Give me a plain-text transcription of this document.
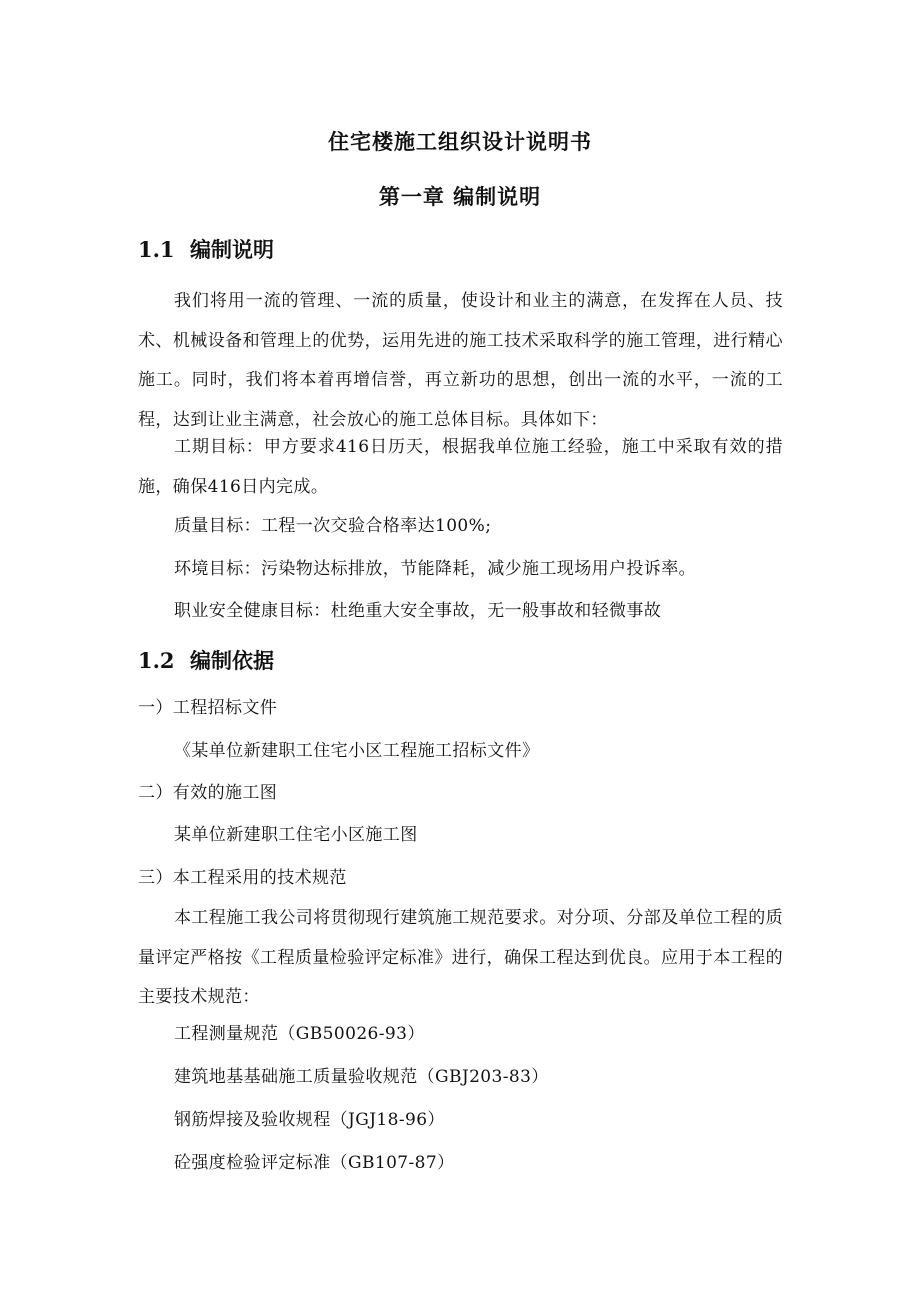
住宅楼施工组织设计说明书
第一章 编制说明
1.1 编制说明
我们将用一流的管理、一流的质量，使设计和业主的满意，在发挥在人员、技术、机械设备和管理上的优势，运用先进的施工技术采取科学的施工管理，进行精心施工。同时，我们将本着再增信誉，再立新功的思想，创出一流的水平，一流的工程，达到让业主满意，社会放心的施工总体目标。具体如下：
工期目标：甲方要求416日历天，根据我单位施工经验，施工中采取有效的措施，确保416日内完成。
质量目标：工程一次交验合格率达100%;
环境目标：污染物达标排放，节能降耗，减少施工现场用户投诉率。
职业安全健康目标：杜绝重大安全事故，无一般事故和轻微事故
1.2 编制依据
一）工程招标文件
《某单位新建职工住宅小区工程施工招标文件》
二）有效的施工图
某单位新建职工住宅小区施工图
三）本工程采用的技术规范
本工程施工我公司将贯彻现行建筑施工规范要求。对分项、分部及单位工程的质量评定严格按《工程质量检验评定标准》进行，确保工程达到优良。应用于本工程的主要技术规范：
工程测量规范（GB50026-93）
建筑地基基础施工质量验收规范（GBJ203-83）
钢筋焊接及验收规程（JGJ18-96）
砼强度检验评定标准（GB107-87）
